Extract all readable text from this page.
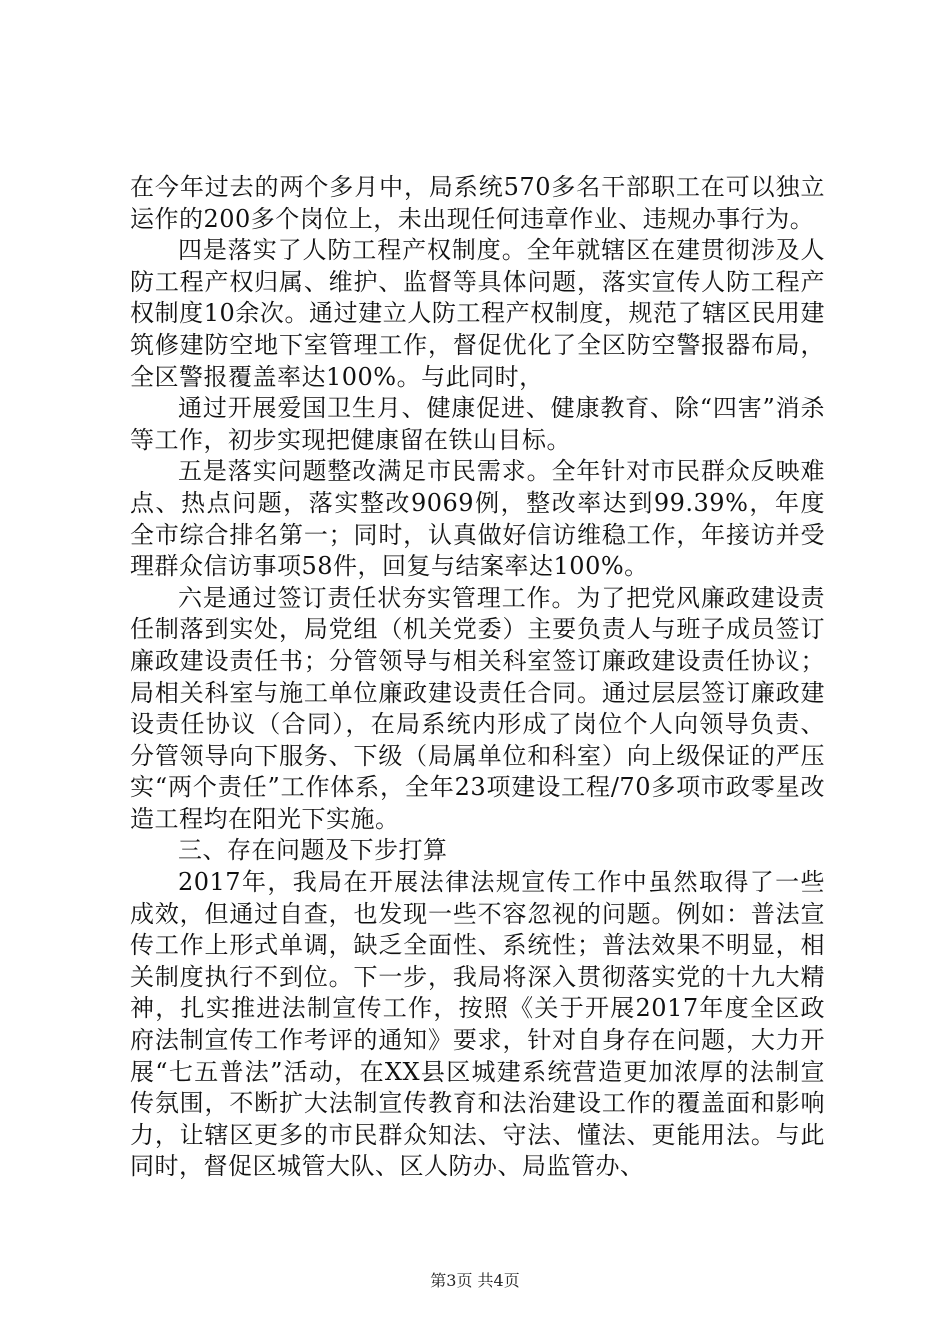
在今年过去的两个多月中，局系统570多名干部职工在可以独立运作的200多个岗位上，未出现任何违章作业、违规办事行为。

四是落实了人防工程产权制度。全年就辖区在建贯彻涉及人防工程产权归属、维护、监督等具体问题，落实宣传人防工程产权制度10余次。通过建立人防工程产权制度，规范了辖区民用建筑修建防空地下室管理工作，督促优化了全区防空警报器布局，全区警报覆盖率达100%。与此同时，

通过开展爱国卫生月、健康促进、健康教育、除“四害”消杀等工作，初步实现把健康留在铁山目标。

五是落实问题整改满足市民需求。全年针对市民群众反映难点、热点问题，落实整改9069例，整改率达到99.39%，年度全市综合排名第一；同时，认真做好信访维稳工作，年接访并受理群众信访事项58件，回复与结案率达100%。

六是通过签订责任状夯实管理工作。为了把党风廉政建设责任制落到实处，局党组（机关党委）主要负责人与班子成员签订廉政建设责任书；分管领导与相关科室签订廉政建设责任协议；局相关科室与施工单位廉政建设责任合同。通过层层签订廉政建设责任协议（合同），在局系统内形成了岗位个人向领导负责、分管领导向下服务、下级（局属单位和科室）向上级保证的严压实“两个责任”工作体系，全年23项建设工程/70多项市政零星改造工程均在阳光下实施。

三、存在问题及下步打算

2017年，我局在开展法律法规宣传工作中虽然取得了一些成效，但通过自查，也发现一些不容忽视的问题。例如：普法宣传工作上形式单调，缺乏全面性、系统性；普法效果不明显，相关制度执行不到位。下一步，我局将深入贯彻落实党的十九大精神，扎实推进法制宣传工作，按照《关于开展2017年度全区政府法制宣传工作考评的通知》要求，针对自身存在问题，大力开展“七五普法”活动，在XX县区城建系统营造更加浓厚的法制宣传氛围，不断扩大法制宣传教育和法治建设工作的覆盖面和影响力，让辖区更多的市民群众知法、守法、懂法、更能用法。与此同时，督促区城管大队、区人防办、局监管办、

第3页 共4页
